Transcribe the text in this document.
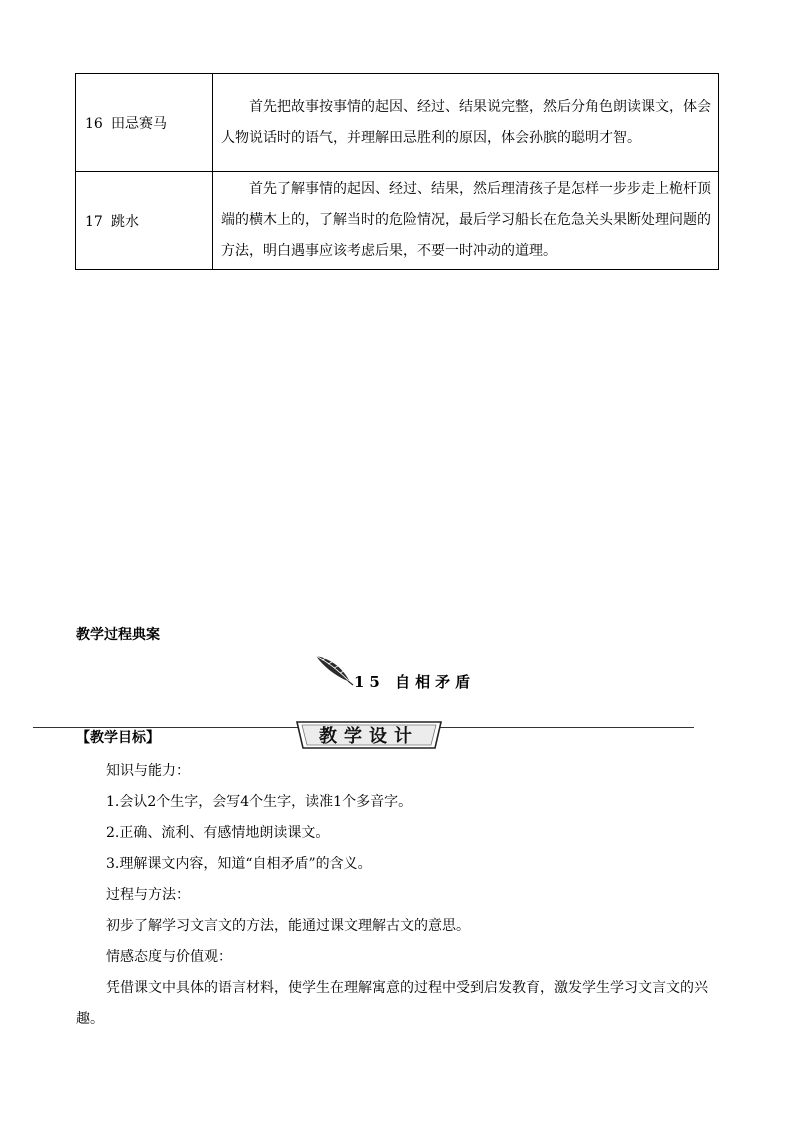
16 田忌赛马	首先把故事按事情的起因、经过、结果说完整，然后分角色朗读课文，体会人物说话时的语气，并理解田忌胜利的原因，体会孙膑的聪明才智。
17 跳水	首先了解事情的起因、经过、结果，然后理清孩子是怎样一步步走上桅杆顶端的横木上的，了解当时的危险情况，最后学习船长在危急关头果断处理问题的方法，明白遇事应该考虑后果，不要一时冲动的道理。
教学过程典案
15 自相矛盾
教学设计
【教学目标】
知识与能力：
1.会认2个生字，会写4个生字，读准1个多音字。
2.正确、流利、有感情地朗读课文。
3.理解课文内容，知道“自相矛盾”的含义。
过程与方法：
初步了解学习文言文的方法，能通过课文理解古文的意思。
情感态度与价值观：
凭借课文中具体的语言材料，使学生在理解寓意的过程中受到启发教育，激发学生学习文言文的兴趣。
